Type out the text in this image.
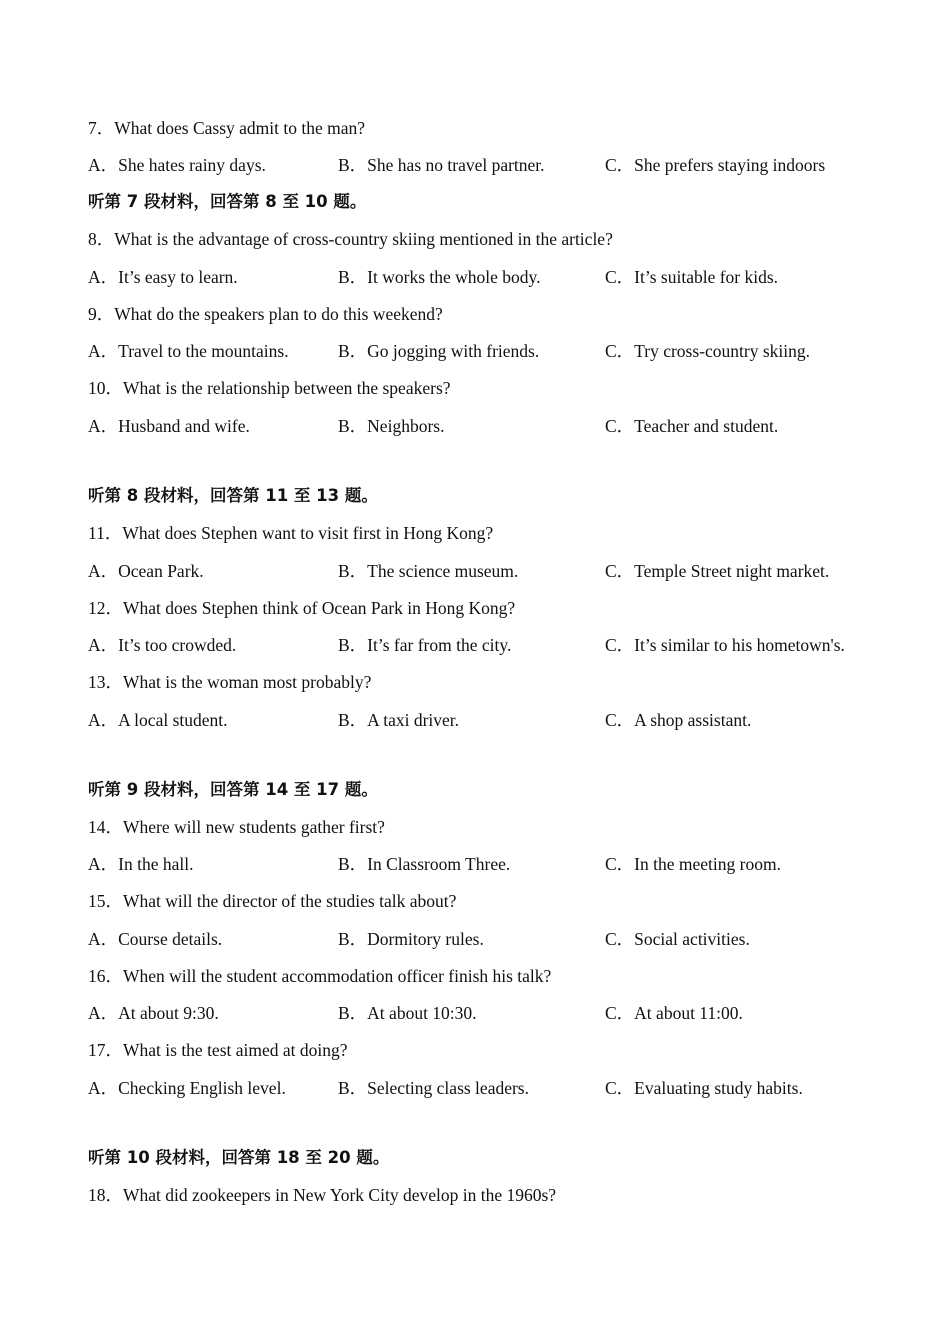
7．What does Cassy admit to the man?
A．She hates rainy days.	B．She has no travel partner.	C．She prefers staying indoors
听第 7 段材料，回答第 8 至 10 题。
8．What is the advantage of cross-country skiing mentioned in the article?
A．It’s easy to learn.	B．It works the whole body.	C．It’s suitable for kids.
9．What do the speakers plan to do this weekend?
A．Travel to the mountains.	B．Go jogging with friends.	C．Try cross-country skiing.
10．What is the relationship between the speakers?
A．Husband and wife.	B．Neighbors.	C．Teacher and student.
听第 8 段材料，回答第 11 至 13 题。
11．What does Stephen want to visit first in Hong Kong?
A．Ocean Park.	B．The science museum.	C．Temple Street night market.
12．What does Stephen think of Ocean Park in Hong Kong?
A．It’s too crowded.	B．It’s far from the city.	C．It’s similar to his hometown's.
13．What is the woman most probably?
A．A local student.	B．A taxi driver.	C．A shop assistant.
听第 9 段材料，回答第 14 至 17 题。
14．Where will new students gather first?
A．In the hall.	B．In Classroom Three.	C．In the meeting room.
15．What will the director of the studies talk about?
A．Course details.	B．Dormitory rules.	C．Social activities.
16．When will the student accommodation officer finish his talk?
A．At about 9:30.	B．At about 10:30.	C．At about 11:00.
17．What is the test aimed at doing?
A．Checking English level.	B．Selecting class leaders.	C．Evaluating study habits.
听第 10 段材料，回答第 18 至 20 题。
18．What did zookeepers in New York City develop in the 1960s?
